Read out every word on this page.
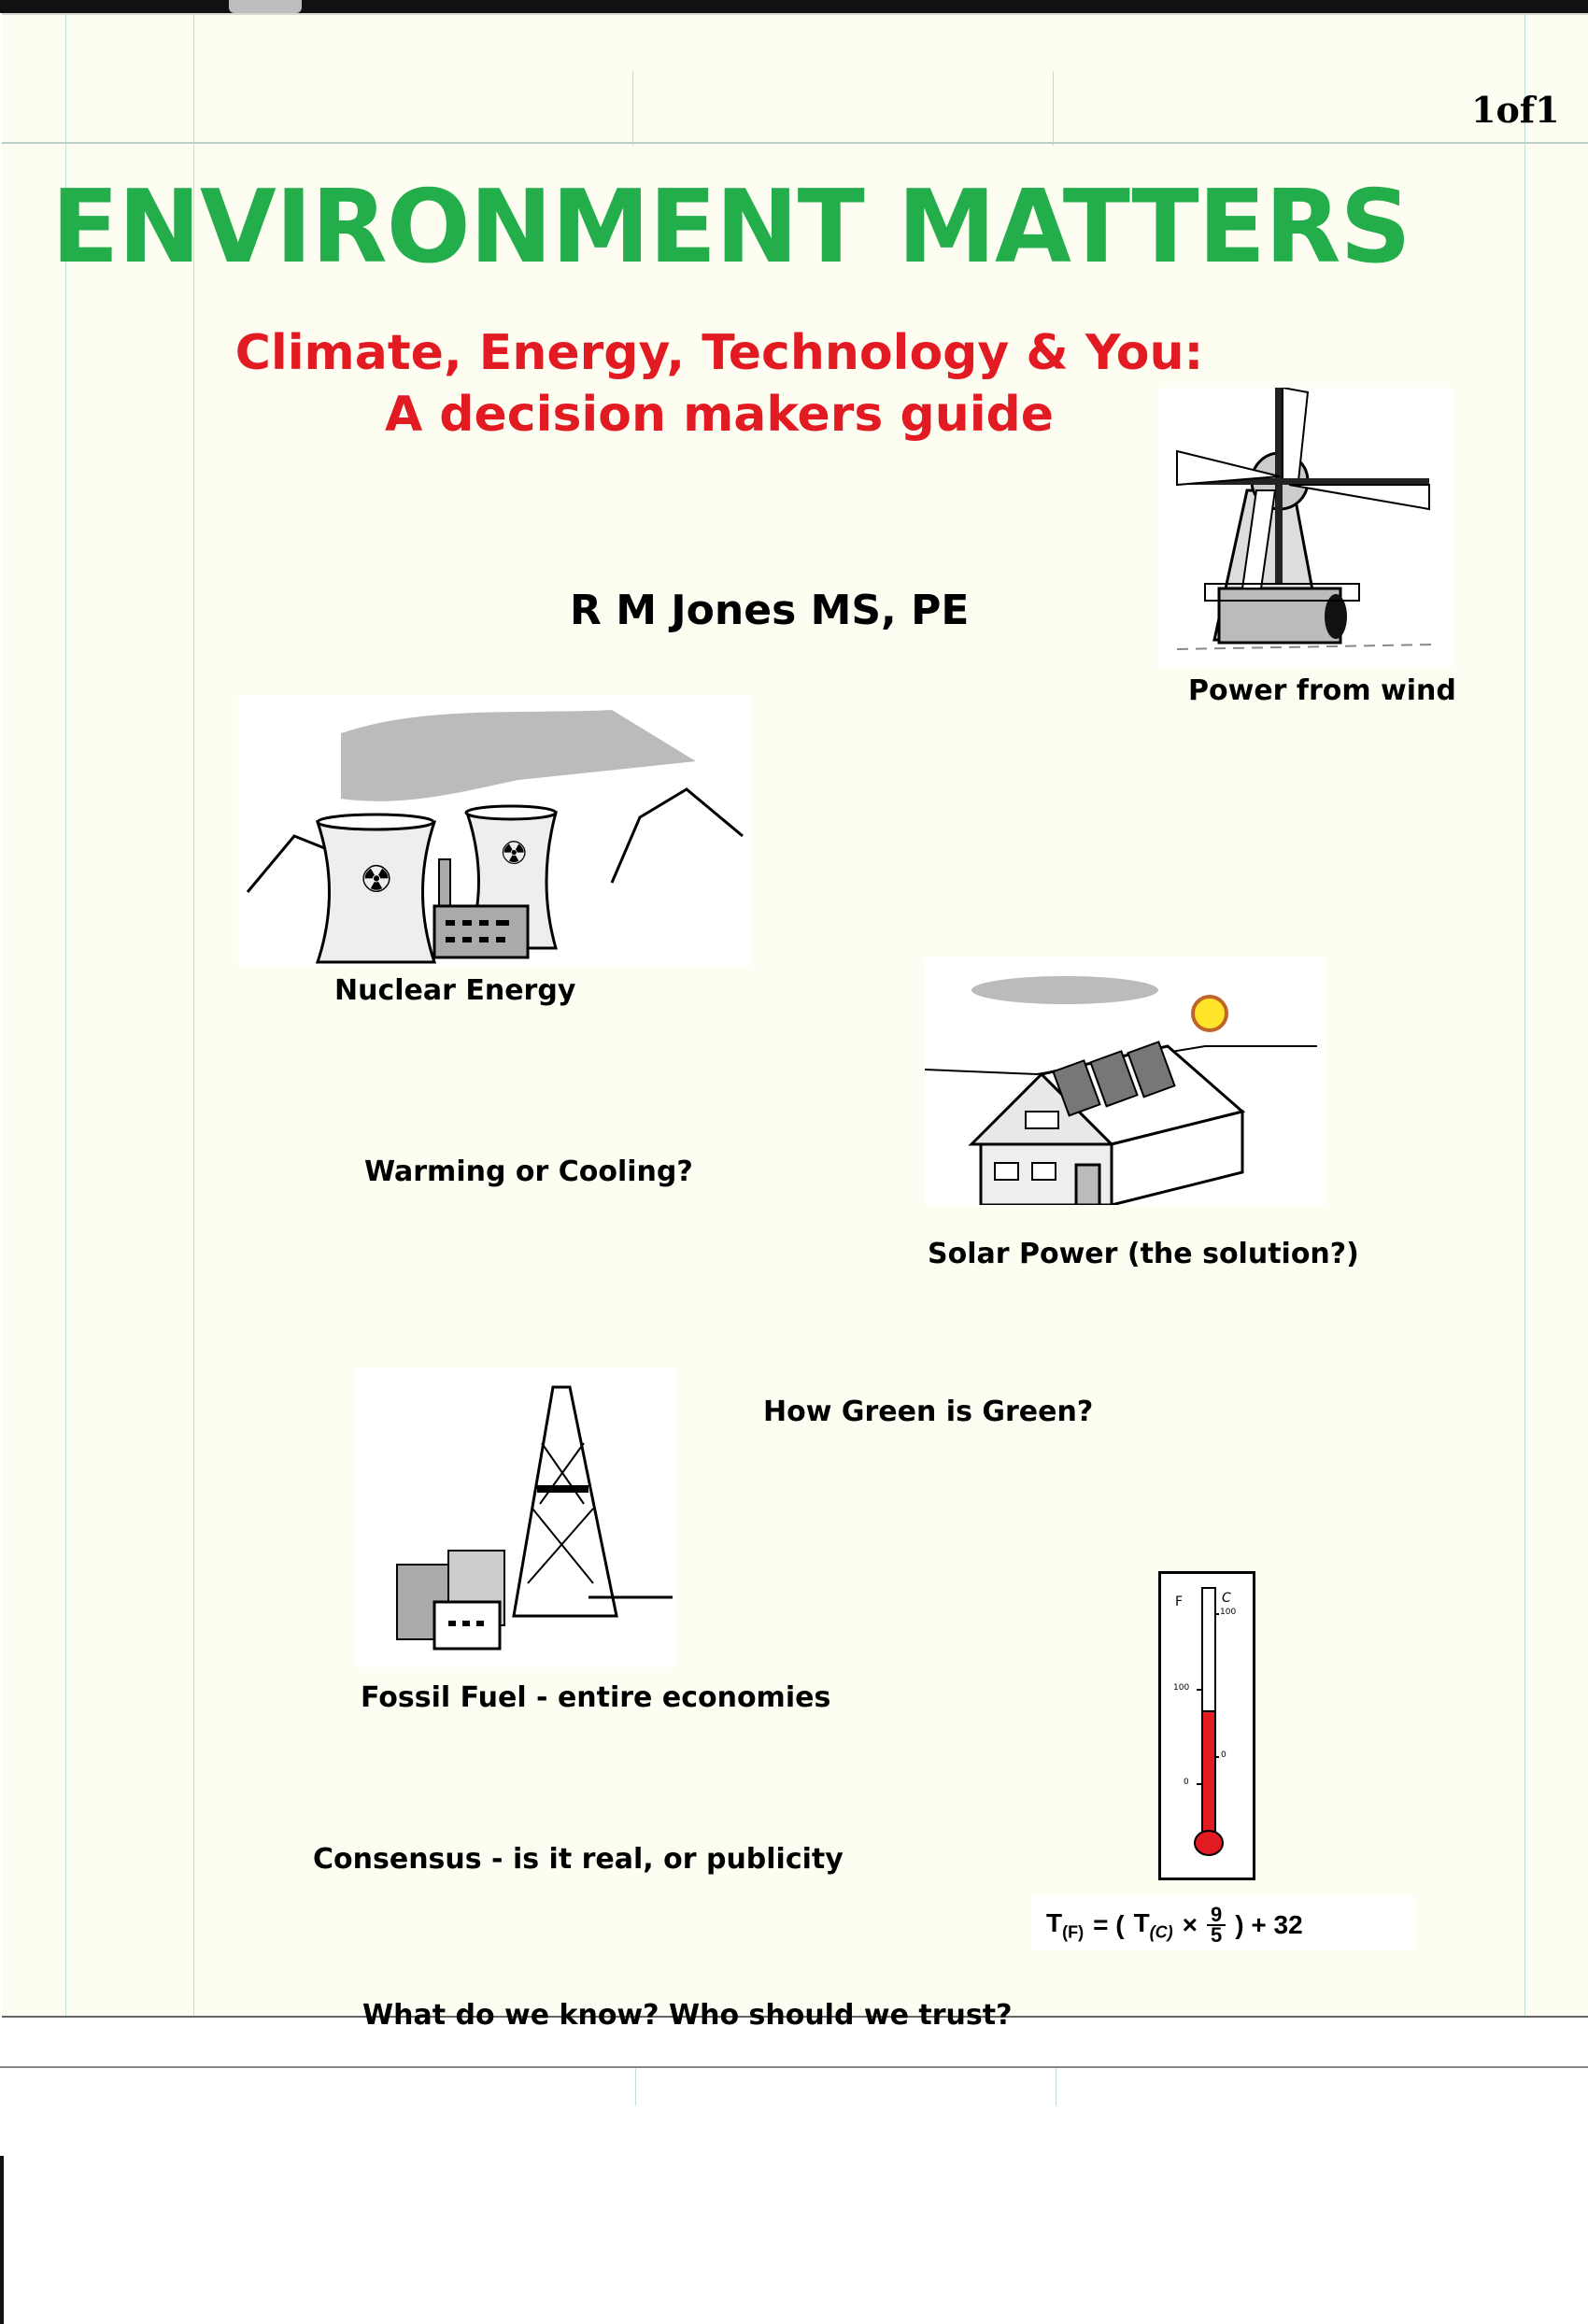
1of1
ENVIRONMENT MATTERS
Climate, Energy, Technology & You:
A decision makers guide
R M Jones MS, PE
Power from wind
☢
☢
Nuclear Energy
Solar Power (the solution?)
Warming or Cooling?
How Green is Green?
Fossil Fuel - entire economies
Consensus - is it real, or publicity
What do we know? Who should we trust?
F	C
100
100
0
0
$T_{(F)}$ = ( $T_{(C)} \times \frac{9}{5}$ ) + 32
